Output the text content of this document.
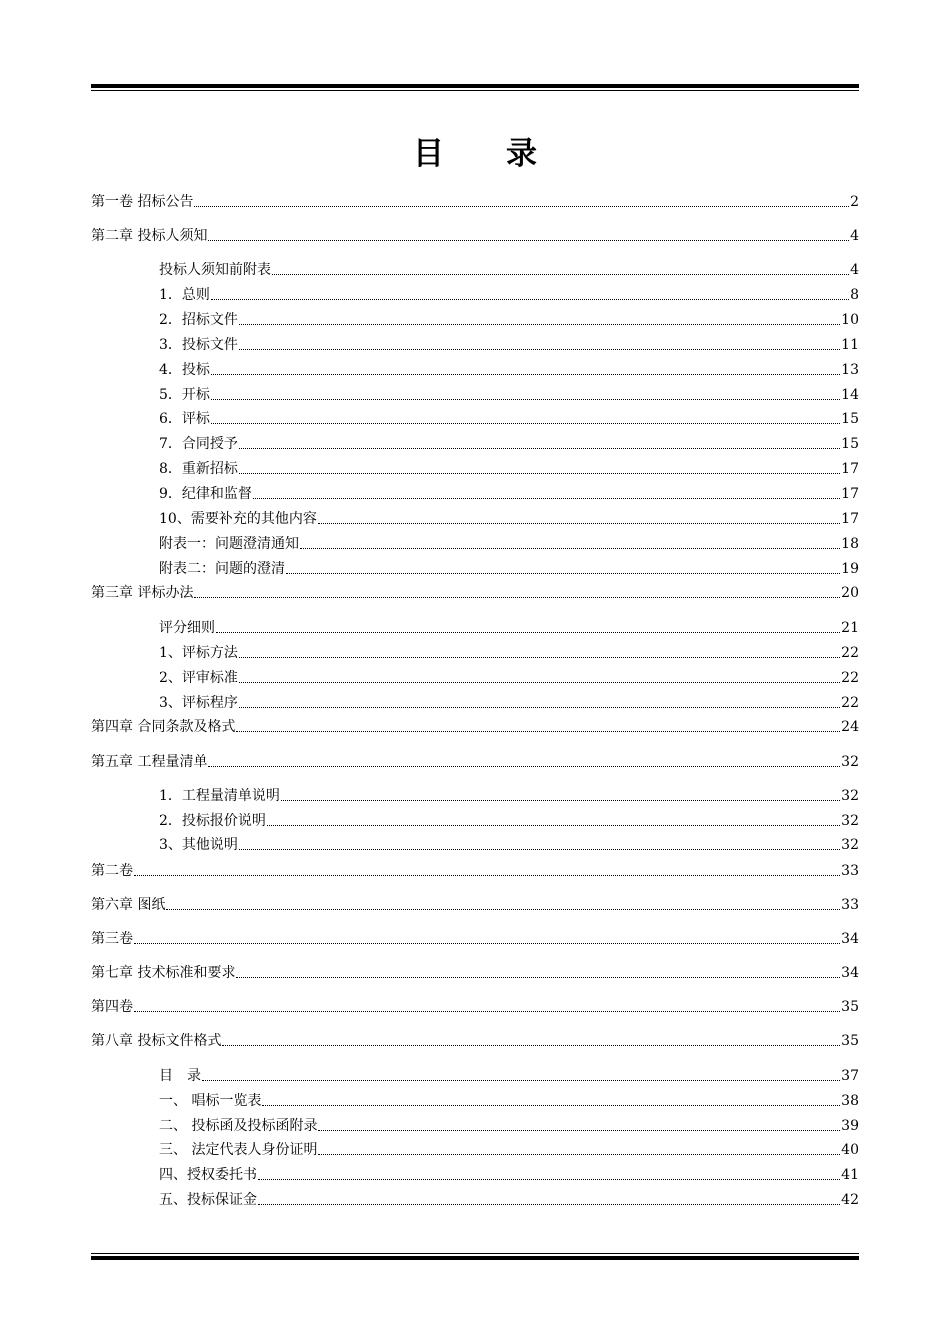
目　　录
第一卷 招标公告	2
第二章 投标人须知	4
投标人须知前附表	4
1．总则	8
2．招标文件	10
3．投标文件	11
4．投标	13
5．开标	14
6．评标	15
7．合同授予	15
8．重新招标	17
9．纪律和监督	17
10、需要补充的其他内容	17
附表一：问题澄清通知	18
附表二：问题的澄清	19
第三章 评标办法	20
评分细则	21
1、评标方法	22
2、评审标准	22
3、评标程序	22
第四章 合同条款及格式	24
第五章 工程量清单	32
1．工程量清单说明	32
2．投标报价说明	32
3、其他说明	32
第二卷	33
第六章 图纸	33
第三卷	34
第七章 技术标准和要求	34
第四卷	35
第八章 投标文件格式	35
目　录	37
一、 唱标一览表	38
二、 投标函及投标函附录	39
三、 法定代表人身份证明	40
四、授权委托书	41
五、投标保证金	42
